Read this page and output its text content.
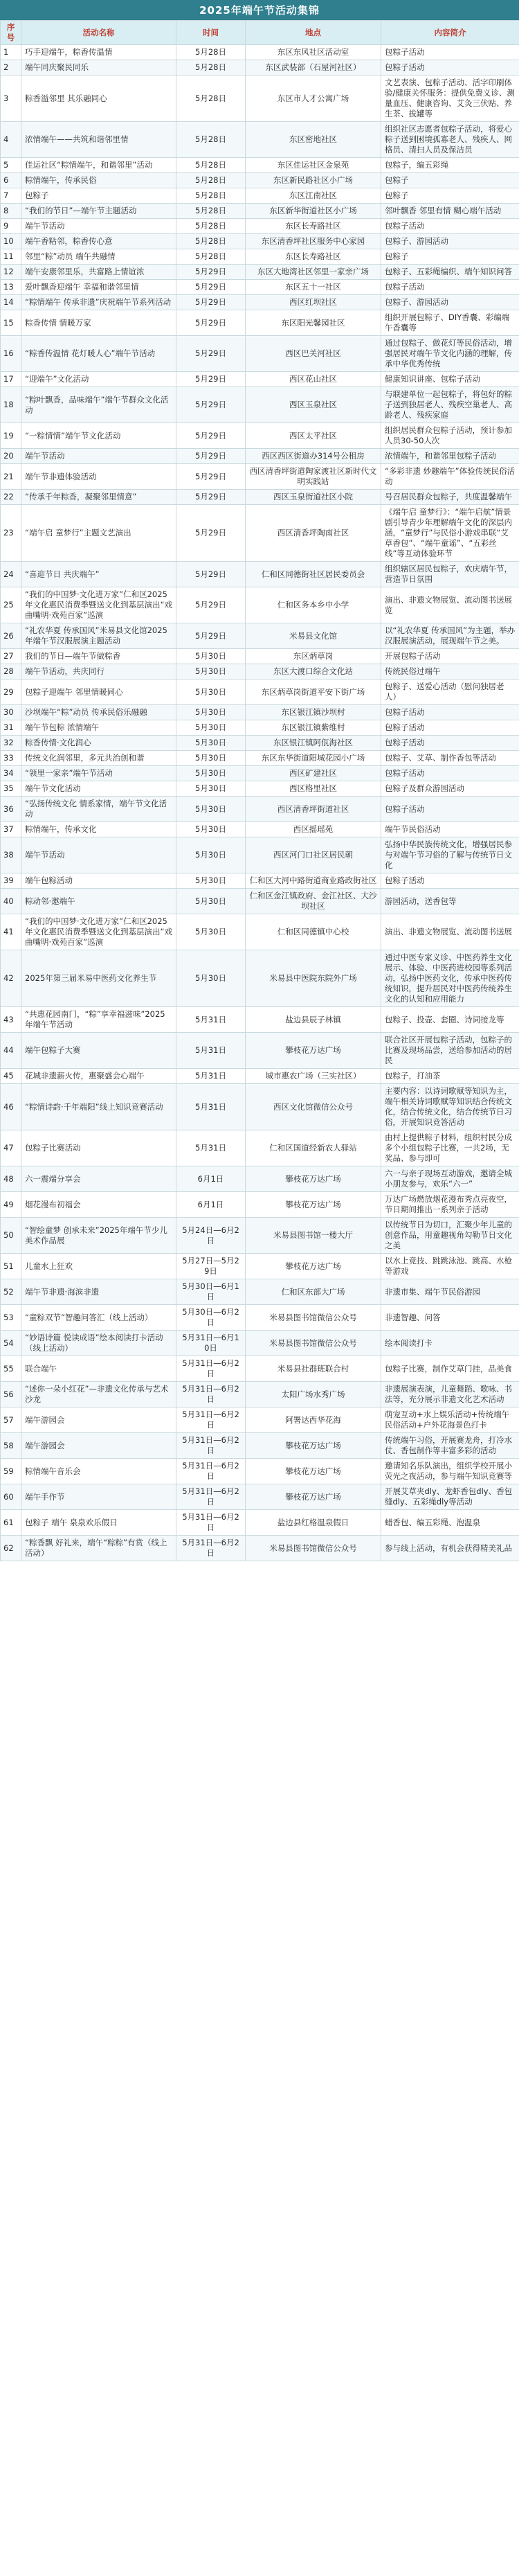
2025年端午节活动集锦
序号	活动名称	时间	地点	内容简介
1	巧手迎端午，粽香传温情	5月28日	东区东风社区活动室	包粽子活动
2	端午同庆聚民同乐	5月28日	东区武装部（石屋河社区）	包粽子活动
3	粽香溢邻里 其乐融同心	5月28日	东区市人才公寓广场	文艺表演、包粽子活动、活字印刷体验/健康关怀服务：提供免费义诊、测量血压、健康咨询、艾灸三伏贴、养生茶、拔罐等
4	浓情端午——共筑和谐邻里情	5月28日	东区密地社区	组织社区志愿者包粽子活动，将爱心粽子送到困境孤寡老人、残疾人、网格员、清扫人员及保洁员
5	佳运社区“粽情端午，和谐邻里”活动	5月28日	东区佳运社区金泉苑	包粽子，编五彩绳
6	粽情端午，传承民俗	5月28日	东区新民路社区小广场	包粽子
7	包粽子	5月28日	东区江南社区	包粽子
8	“我们的节日”—端午节主题活动	5月28日	东区新华街道社区小广场	邻叶飘香 邻里有情 糊心端午活动
9	端午节活动	5月28日	东区长寿路社区	包粽子活动
10	端午香粘邻，粽香传心意	5月28日	东区清香坪社区服务中心家园	包粽子、游园活动
11	邻里“粽”动员 端午共融情	5月28日	东区长寿路社区	包粽子
12	端午安康邻里乐，共富路上情谊浓	5月29日	东区大地湾社区邻里一家亲广场	包粽子、五彩绳编织、端午知识问答
13	爱叶飘香迎端午 幸福和谐邻里情	5月29日	东区五十一社区	包粽子活动
14	“粽情端午 传承非遗”庆祝端午节系列活动	5月29日	西区红坝社区	包粽子、游园活动
15	粽香传情 情暖万家	5月29日	东区阳光馨园社区	组织开展包粽子、DIY香囊、彩编端午香囊等
16	“粽香传温情 花灯暖人心”端午节活动	5月29日	西区巴关河社区	通过包粽子、做花灯等民俗活动，增强居民对端午节文化内涵的理解，传承中华优秀传统
17	“迎端午”文化活动	5月29日	西区花山社区	健康知识讲座、包粽子活动
18	“粽叶飘香，品味端午”端午节群众文化活动	5月29日	西区玉泉社区	与联建单位一起包粽子，将包好的粽子送到独居老人、残疾空巢老人、高龄老人、残疾家庭
19	“一粽情情”端午节文化活动	5月29日	西区太平社区	组织居民群众包粽子活动，预计参加人员30-50人次
20	端午节活动	5月29日	西区西区街道办314号公租房	浓情端午，和谐邻里包粽子活动
21	端午节非遗体验活动	5月29日	西区清香坪街道陶家渡社区新时代文明实践站	“多彩非遗 妙趣端午”体验传统民俗活动
22	“传承千年粽香，凝聚邻里情意”	5月29日	西区玉泉街道社区小院	号召居民群众包粽子，共度温馨端午
23	“端午启 童梦行”主题文艺演出	5月29日	西区清香坪陶南社区	《端午启 童梦行》：“端午启航”情景剧引导青少年理解端午文化的深层内涵，“童梦行”与民俗小游戏串联“艾草香包”、“端午童谣”、“五彩丝线”等互动体验环节
24	“喜迎节日 共庆端午”	5月29日	仁和区同德街社区居民委员会	组织辖区居民包粽子，欢庆端午节，营造节日氛围
25	“我们的中国梦·文化进万家”仁和区2025年文化惠民消费季暨送文化到基层演出“戏曲嘴明·戏苑百家”巡演	5月29日	仁和区务本乡中小学	演出、非遗文物展览、流动图书送展览
26	“礼农华夏 传承国风”米易县文化馆2025年端午节汉服展演主题活动	5月29日	米易县文化馆	以“礼农华夏 传承国风”为主题，举办汉服展演活动，展现端午节之美。
27	我们的节日—端午节做粽香	5月30日	东区炳草岗	开展包粽子活动
28	端午节活动，共庆同行	5月30日	东区大渡口综合文化站	传统民俗过端午
29	包粽子迎端午 邻里情暖同心	5月30日	东区炳草岗街道平安下街广场	包粽子、送爱心活动（慰问独居老人）
30	沙坝端午“粽”动员 传承民俗乐融融	5月30日	东区银江镇沙坝村	包粽子活动
31	端午节包粽 浓情端午	5月30日	东区银江镇紫维村	包粽子活动
32	粽香传情·文化润心	5月30日	东区银江镇阿佤海社区	包粽子活动
33	传统文化润邻里，多元共治创和谐	5月30日	东区东华街道阳城花园小广场	包粽子、艾草、制作香包等活动
34	“领里一家亲”端午节活动	5月30日	西区矿建社区	包粽子活动
35	端午节文化活动	5月30日	西区格里社区	包粽子及群众游园活动
36	“弘扬传统文化 情系家情，端午节文化活动	5月30日	西区清香坪街道社区	包粽子活动
37	粽情端午，传承文化	5月30日	西区摇瑶苑	端午节民俗活动
38	端午节活动	5月30日	西区河门口社区居民朝	弘扬中华民族传统文化，增强居民参与对端午节习俗的了解与传统节日文化
39	端午包粽活动	5月30日	仁和区大河中路街道商业路政街社区	包粽子活动
40	粽动邻·邀端午	5月30日	仁和区金江镇政府、金江社区、大沙坝社区	游园活动，送香包等
41	“我们的中国梦·文化进万家”仁和区2025年文化惠民消费季暨送文化到基层演出“戏曲嘴明·戏苑百家”巡演	5月30日	仁和区同德镇中心校	演出、非遗文物展览、流动图书送展
42	2025年第三届米易中医药文化养生节	5月30日	米易县中医院东院外广场	通过中医专家义诊、中医药养生文化展示、体验、中医药进校园等系列活动，弘扬中医药文化，传承中医药传统知识，提升居民对中医药传统养生文化的认知和应用能力
43	“共惠花园南门，“粽”享幸福滋味”2025年端午节活动	5月31日	盐边县辰子林镇	包粽子、投壶、套圈、诗词接龙等
44	端午包粽子大赛	5月31日	攀枝花万达广场	联合社区开展包粽子活动，包粽子的比赛及现场品尝，送给参加活动的居民
45	花城非遗薪火传，惠聚盛会心端午	5月31日	城市惠农广场（三实社区）	包粽子，打油茶
46	“粽情诗韵·千年端阳”线上知识竞赛活动	5月31日	西区文化馆微信公众号	主要内容：以诗词歌赋等知识为主，端午相关诗词歌赋等知识结合传统文化，结合传统文化，结合传统节日习俗，开展知识竞答活动
47	包粽子比赛活动	5月31日	仁和区国道经新农人驿站	由村上提供粽子材料，组织村民分成多个小组包粽子比赛，一共2场，无奖品、参与即可
48	六一震端分享会	6月1日	攀枝花万达广场	六一与亲子现场互动游戏，邀请全城小朋友参与，欢乐“六一”
49	烟花漫布初福会	6月1日	攀枝花万达广场	万达广场燃放烟花漫布秀点亮夜空，节日期间推出一系列亲子活动
50	“智绘童梦 创承未来”2025年端午节少儿美术作品展	5月24日—6月2日	米易县图书馆一楼大厅	以传统节日为切口，汇聚少年儿童的创意作品，用童趣视角勾勒节日文化之美
51	儿童水上狂欢	5月27日—5月29日	攀枝花万达广场	以水上竞技、跳跳泳池、跳高、水枪等游戏
52	端午节非遗·海滨非遗	5月30日—6月1日	仁和区东部大广场	非遗市集、端午节民俗游园
53	“童粽双节”智趣问答汇（线上活动）	5月30日—6月2日	米易县图书馆微信公众号	非遗智趣、问答
54	“妙语诗篇 悦读成语”绘本阅读打卡活动（线上活动）	5月31日—6月10日	米易县图书馆微信公众号	绘本阅读打卡
55	联合端午	5月31日—6月2日	米易县社群班联合村	包粽子比赛，制作艾草门挂，品美食
56	“述你一朵小红花”—非遗文化传承与艺术沙龙	5月31日—6月2日	太阳广场水秀广场	非遗展演表演，儿童舞蹈、歌咏、书法等，充分展示非遗文化艺术活动
57	端午游园会	5月31日—6月2日	阿署达西华花海	萌宠互动+水上娱乐活动+传统端午民俗活动+户外花海景色打卡
58	端午游园会	5月31日—6月2日	攀枝花万达广场	传统端午习俗，开展赛龙舟，打冷水仗、香包制作等丰富多彩的活动
59	粽情端午音乐会	5月31日—6月2日	攀枝花万达广场	邀请知名乐队演出，组织学校开展小荧光之夜活动，参与端午知识竞赛等
60	端午手作节	5月31日—6月2日	攀枝花万达广场	开展艾草夹dly、龙虾香包dly、香包缝dly、五彩绳dly等活动
61	包粽子 端午 泉泉欢乐假日	5月31日—6月2日	盐边县红格温泉假日	蜡香包、编五彩绳、泡温泉
62	“粽香飘 好礼来，端午“粽粽”有赏（线上活动）	5月31日—6月2日	米易县图书馆微信公众号	参与线上活动，有机会获得精美礼品
